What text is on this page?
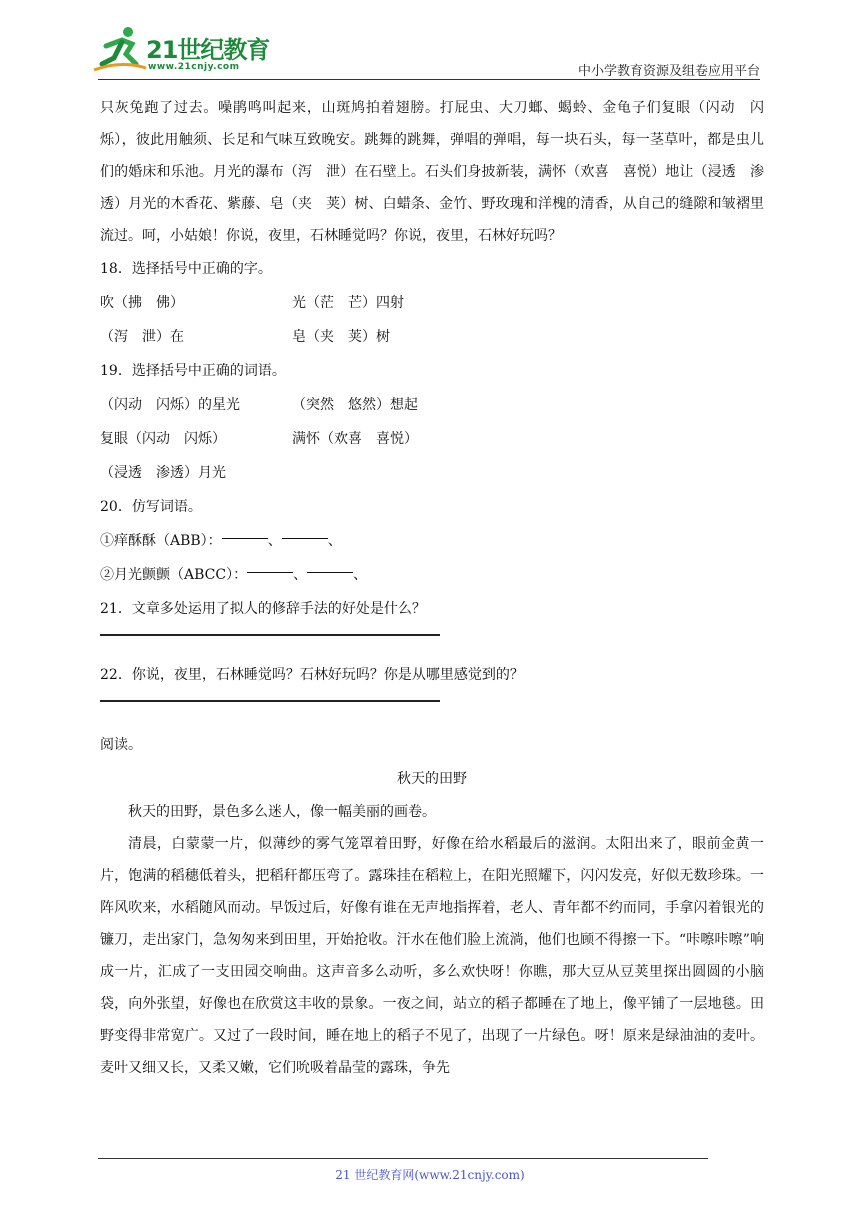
21世纪教育
www.21cnjy.com	中小学教育资源及组卷应用平台

只灰兔跑了过去。噪鹃鸣叫起来，山斑鸠拍着翅膀。打屁虫、大刀螂、蝎蛉、金龟子们复眼（闪动　闪烁），彼此用触须、长足和气味互致晚安。跳舞的跳舞，弹唱的弹唱，每一块石头，每一茎草叶，都是虫儿们的婚床和乐池。月光的瀑布（泻　泄）在石壁上。石头们身披新装，满怀（欢喜　喜悦）地让（浸透　渗透）月光的木香花、紫藤、皂（夹　荚）树、白蜡条、金竹、野玫瑰和洋槐的清香，从自己的缝隙和皱褶里流过。呵，小姑娘！你说，夜里，石林睡觉吗？你说，夜里，石林好玩吗？

18．选择括号中正确的字。

吹（拂　佛）	光（茫　芒）四射
（泻　泄）在	皂（夹　荚）树

19．选择括号中正确的词语。

（闪动　闪烁）的星光	（突然　悠然）想起
复眼（闪动　闪烁）	满怀（欢喜　喜悦）
（浸透　渗透）月光

20．仿写词语。

①痒酥酥（ABB）：	、	、
②月光颤颤（ABCC）：	、	、

21．文章多处运用了拟人的修辞手法的好处是什么？

22．你说，夜里，石林睡觉吗？石林好玩吗？你是从哪里感觉到的？

阅读。

秋天的田野

秋天的田野，景色多么迷人，像一幅美丽的画卷。

清晨，白蒙蒙一片，似薄纱的雾气笼罩着田野，好像在给水稻最后的滋润。太阳出来了，眼前金黄一片，饱满的稻穗低着头，把稻秆都压弯了。露珠挂在稻粒上，在阳光照耀下，闪闪发亮，好似无数珍珠。一阵风吹来，水稻随风而动。早饭过后，好像有谁在无声地指挥着，老人、青年都不约而同，手拿闪着银光的镰刀，走出家门，急匆匆来到田里，开始抢收。汗水在他们脸上流淌，他们也顾不得擦一下。“咔嚓咔嚓”响成一片，汇成了一支田园交响曲。这声音多么动听，多么欢快呀！你瞧，那大豆从豆荚里探出圆圆的小脑袋，向外张望，好像也在欣赏这丰收的景象。一夜之间，站立的稻子都睡在了地上，像平铺了一层地毯。田野变得非常宽广。又过了一段时间，睡在地上的稻子不见了，出现了一片绿色。呀！原来是绿油油的麦叶。麦叶又细又长，又柔又嫩，它们吮吸着晶莹的露珠，争先

21 世纪教育网(www.21cnjy.com)
